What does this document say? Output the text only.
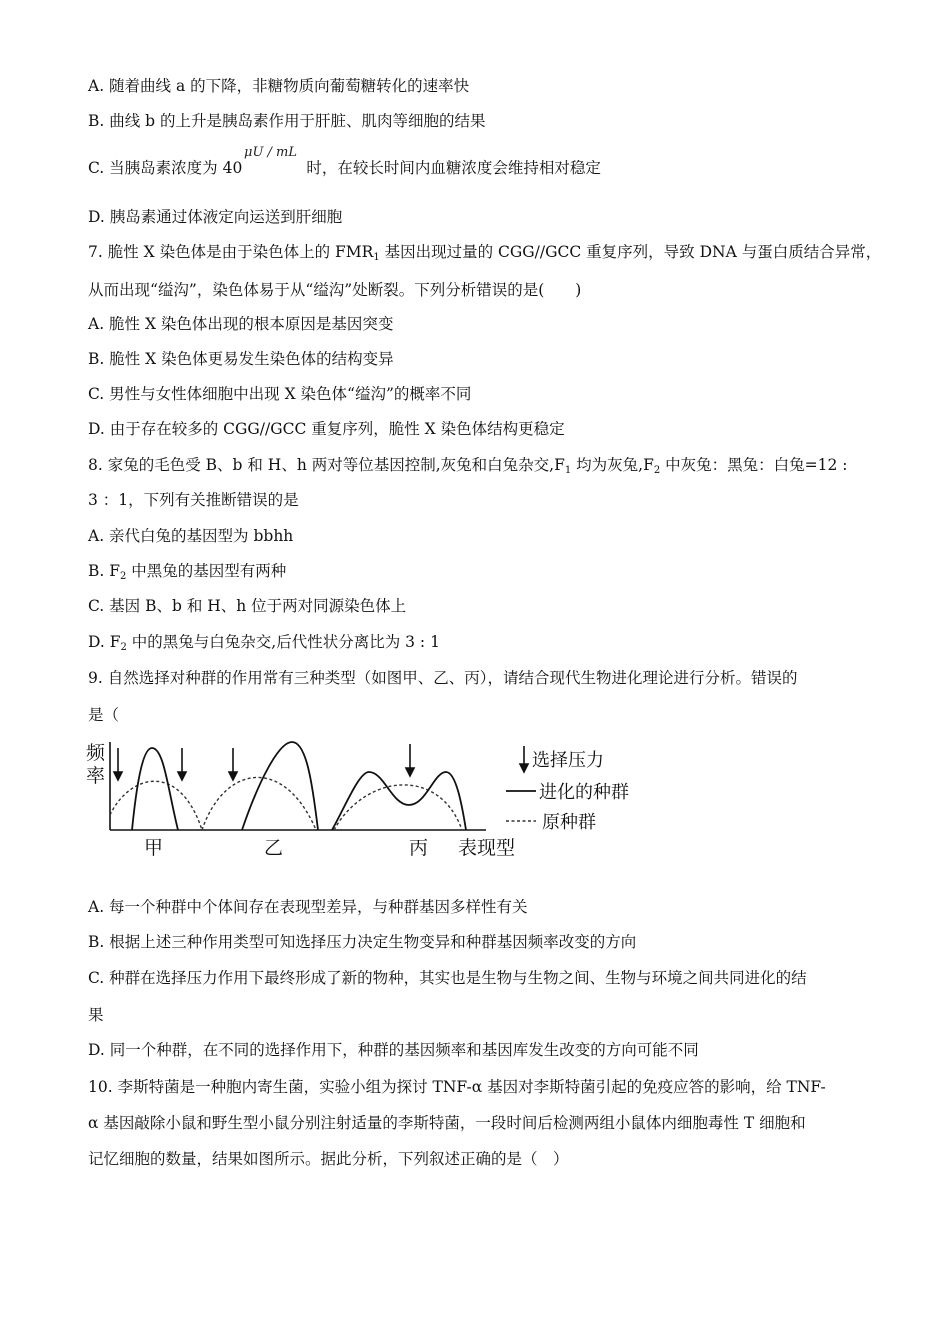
A. 随着曲线 a 的下降，非糖物质向葡萄糖转化的速率快
B. 曲线 b 的上升是胰岛素作用于肝脏、肌肉等细胞的结果
C. 当胰岛素浓度为 40	时，在较长时间内血糖浓度会维持相对稳定
μU / mL
D. 胰岛素通过体液定向运送到肝细胞
7. 脆性 X 染色体是由于染色体上的 $FMR_1$ 基因出现过量的 CGG//GCC 重复序列，导致 DNA 与蛋白质结合异常，
从而出现“缢沟”，染色体易于从“缢沟”处断裂。下列分析错误的是(　　)
A. 脆性 X 染色体出现的根本原因是基因突变
B. 脆性 X 染色体更易发生染色体的结构变异
C. 男性与女性体细胞中出现 X 染色体“缢沟”的概率不同
D. 由于存在较多的 CGG//GCC 重复序列，脆性 X 染色体结构更稳定
8. 家兔的毛色受 B、b 和 H、h 两对等位基因控制,灰兔和白兔杂交$,F_1$ 均为灰兔$,F_2$ 中灰兔：黑兔：白兔=12 :
3 ：1，下列有关推断错误的是
A. 亲代白兔的基因型为 bbhh
B. $F_2$ 中黑兔的基因型有两种
C. 基因 B、b 和 H、h 位于两对同源染色体上
D. $F_2$ 中的黑兔与白兔杂交,后代性状分离比为 3 : 1
9. 自然选择对种群的作用常有三种类型（如图甲、乙、丙），请结合现代生物进化理论进行分析。错误的
是（
频
率
表现型
甲	乙	丙
选择压力
进化的种群
原种群
A. 每一个种群中个体间存在表现型差异，与种群基因多样性有关
B. 根据上述三种作用类型可知选择压力决定生物变异和种群基因频率改变的方向
C. 种群在选择压力作用下最终形成了新的物种，其实也是生物与生物之间、生物与环境之间共同进化的结
果
D. 同一个种群，在不同的选择作用下，种群的基因频率和基因库发生改变的方向可能不同
10. 李斯特菌是一种胞内寄生菌，实验小组为探讨 TNF-α 基因对李斯特菌引起的免疫应答的影响，给 TNF-
α 基因敲除小鼠和野生型小鼠分别注射适量的李斯特菌，一段时间后检测两组小鼠体内细胞毒性 T 细胞和
记忆细胞的数量，结果如图所示。据此分析，下列叙述正确的是（　）
